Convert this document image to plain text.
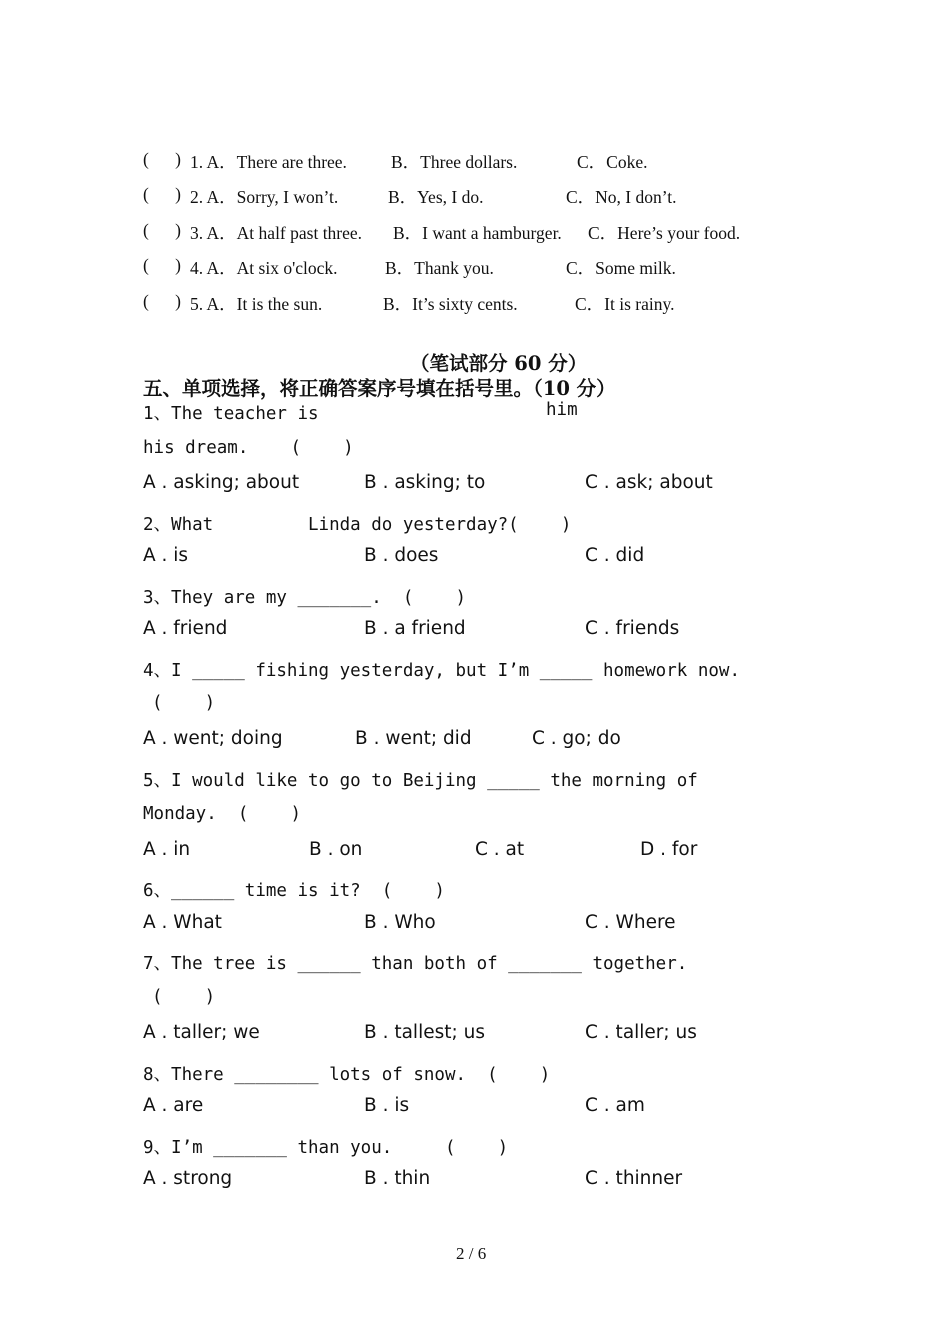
(      ) 1. A．There are three.	B．Three dollars.	C．Coke.
(      ) 2. A．Sorry, I won’t.	B．Yes, I do.	C．No, I don’t.
(      ) 3. A．At half past three. B．I want a hamburger. C．Here’s your food.
(      ) 4. A．At six o'clock.	B．Thank you.	C．Some milk.
(      ) 5. A．It is the sun.	B．It’s sixty cents.	C．It is rainy.
（笔试部分 60 分）
五、单项选择，将正确答案序号填在括号里。（10 分）
1、The teacher is	him
his dream.    (    )
A . asking; about	B . asking; to	C . ask; about
2、What         Linda do yesterday?(    )
A . is	B . does	C . did
3、They are my _______.  (    )
A . friend	B . a friend	C . friends
4、I _____ fishing yesterday, but I’m _____ homework now.
(    )
A . went; doing	B . went; did	C . go; do
5、I would like to go to Beijing _____ the morning of
Monday.  (    )
A . in	B . on	C . at	D . for
6、______ time is it?  (    )
A . What	B . Who	C . Where
7、The tree is ______ than both of _______ together.
(    )
A . taller; we	B . tallest; us	C . taller; us
8、There ________ lots of snow.  (    )
A . are	B . is	C . am
9、I’m _______ than you.     (    )
A . strong	B . thin	C . thinner
2 / 6
